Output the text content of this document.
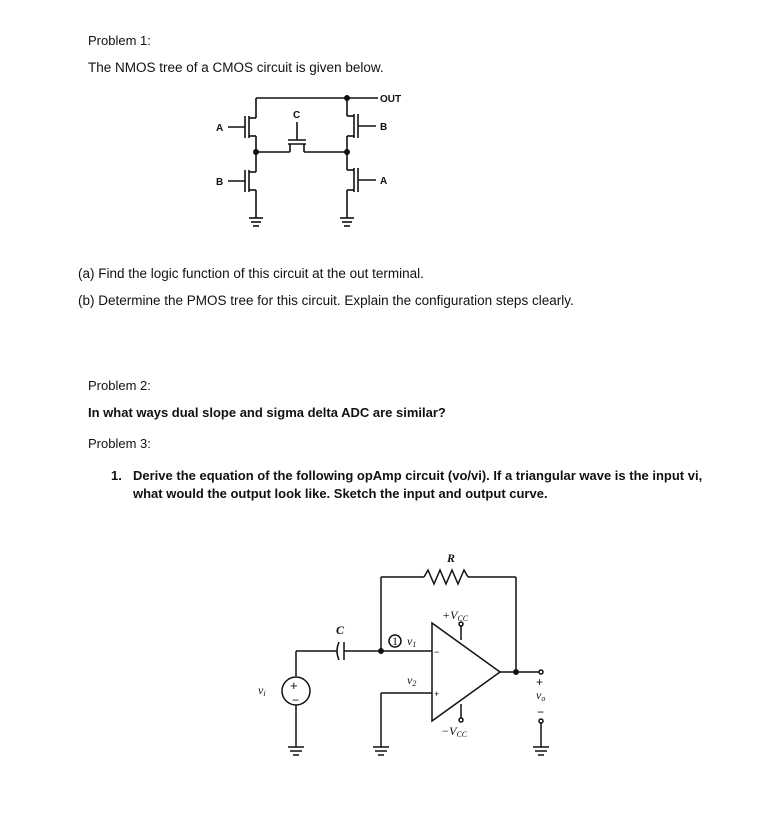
Problem 1:
The NMOS tree of a CMOS circuit is given below.
OUT
A
B
C
B
A
(a) Find the logic function of this circuit at the out terminal.
(b) Determine the PMOS tree for this circuit. Explain the configuration steps clearly.
Problem 2:
In what ways dual slope and sigma delta ADC are similar?
Problem 3:
1. Derive the equation of the following opAmp circuit (vo/vi). If a triangular wave is the input vi,
what would the output look like. Sketch the input and output curve.
R
C
+VCC
−VCC
1 v1
v2
vi	vo
+
−
−
+
+
−
